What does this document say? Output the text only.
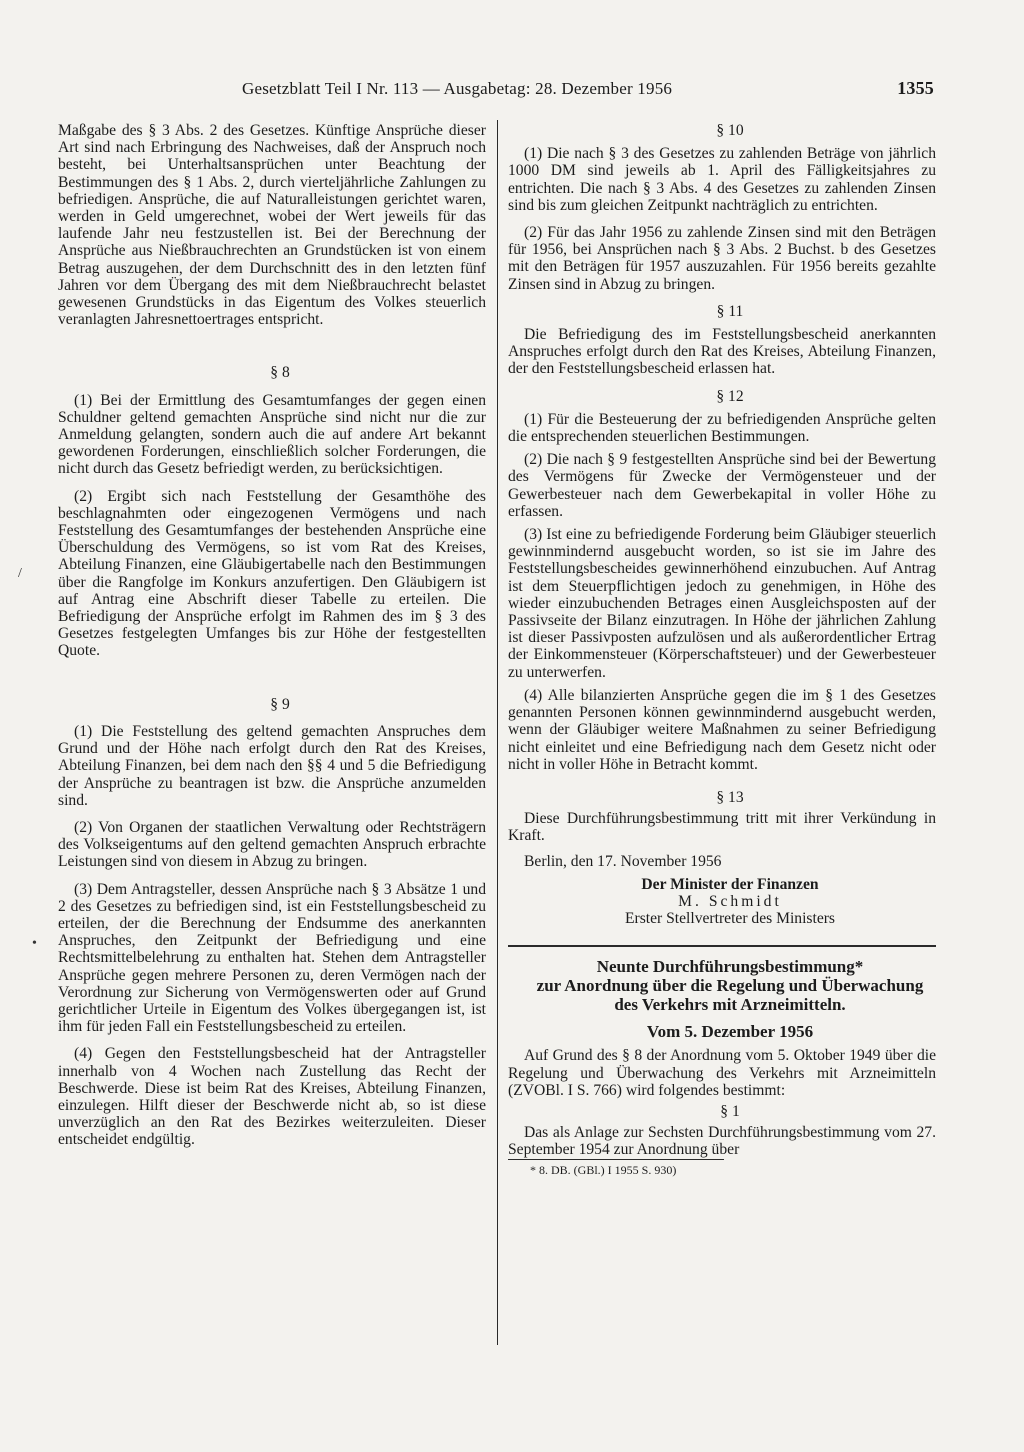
Gesetzblatt Teil I Nr. 113 — Ausgabetag: 28. Dezember 1956	1355
/
•

Maßgabe des § 3 Abs. 2 des Gesetzes. Künftige Ansprüche dieser Art sind nach Erbringung des Nachweises, daß der Anspruch noch besteht, bei Unterhaltsansprüchen unter Beachtung der Bestimmungen des § 1 Abs. 2, durch vierteljährliche Zahlungen zu befriedigen. Ansprüche, die auf Naturalleistungen gerichtet waren, werden in Geld umgerechnet, wobei der Wert jeweils für das laufende Jahr neu festzustellen ist. Bei der Berechnung der Ansprüche aus Nießbrauchrechten an Grundstücken ist von einem Betrag auszugehen, der dem Durchschnitt des in den letzten fünf Jahren vor dem Übergang des mit dem Nießbrauchrecht belastet gewesenen Grundstücks in das Eigentum des Volkes steuerlich veranlagten Jahresnettoertrages entspricht.

§ 8

(1) Bei der Ermittlung des Gesamtumfanges der gegen einen Schuldner geltend gemachten Ansprüche sind nicht nur die zur Anmeldung gelangten, sondern auch die auf andere Art bekannt gewordenen Forderungen, einschließlich solcher Forderungen, die nicht durch das Gesetz befriedigt werden, zu berücksichtigen.

(2) Ergibt sich nach Feststellung der Gesamthöhe des beschlagnahmten oder eingezogenen Vermögens und nach Feststellung des Gesamtumfanges der bestehenden Ansprüche eine Überschuldung des Vermögens, so ist vom Rat des Kreises, Abteilung Finanzen, eine Gläubigertabelle nach den Bestimmungen über die Rangfolge im Konkurs anzufertigen. Den Gläubigern ist auf Antrag eine Abschrift dieser Tabelle zu erteilen. Die Befriedigung der Ansprüche erfolgt im Rahmen des im § 3 des Gesetzes festgelegten Umfanges bis zur Höhe der festgestellten Quote.

§ 9

(1) Die Feststellung des geltend gemachten Anspruches dem Grund und der Höhe nach erfolgt durch den Rat des Kreises, Abteilung Finanzen, bei dem nach den §§ 4 und 5 die Befriedigung der Ansprüche zu beantragen ist bzw. die Ansprüche anzumelden sind.

(2) Von Organen der staatlichen Verwaltung oder Rechtsträgern des Volkseigentums auf den geltend gemachten Anspruch erbrachte Leistungen sind von diesem in Abzug zu bringen.

(3) Dem Antragsteller, dessen Ansprüche nach § 3 Absätze 1 und 2 des Gesetzes zu befriedigen sind, ist ein Feststellungsbescheid zu erteilen, der die Berechnung der Endsumme des anerkannten Anspruches, den Zeitpunkt der Befriedigung und eine Rechtsmittelbelehrung zu enthalten hat. Stehen dem Antragsteller Ansprüche gegen mehrere Personen zu, deren Vermögen nach der Verordnung zur Sicherung von Vermögenswerten oder auf Grund gerichtlicher Urteile in Eigentum des Volkes übergegangen ist, ist ihm für jeden Fall ein Feststellungsbescheid zu erteilen.

(4) Gegen den Feststellungsbescheid hat der Antragsteller innerhalb von 4 Wochen nach Zustellung das Recht der Beschwerde. Diese ist beim Rat des Kreises, Abteilung Finanzen, einzulegen. Hilft dieser der Beschwerde nicht ab, so ist diese unverzüglich an den Rat des Bezirkes weiterzuleiten. Dieser entscheidet endgültig.

§ 10

(1) Die nach § 3 des Gesetzes zu zahlenden Beträge von jährlich 1000 DM sind jeweils ab 1. April des Fälligkeitsjahres zu entrichten. Die nach § 3 Abs. 4 des Gesetzes zu zahlenden Zinsen sind bis zum gleichen Zeitpunkt nachträglich zu entrichten.

(2) Für das Jahr 1956 zu zahlende Zinsen sind mit den Beträgen für 1956, bei Ansprüchen nach § 3 Abs. 2 Buchst. b des Gesetzes mit den Beträgen für 1957 auszuzahlen. Für 1956 bereits gezahlte Zinsen sind in Abzug zu bringen.

§ 11

Die Befriedigung des im Feststellungsbescheid anerkannten Anspruches erfolgt durch den Rat des Kreises, Abteilung Finanzen, der den Feststellungsbescheid erlassen hat.

§ 12

(1) Für die Besteuerung der zu befriedigenden Ansprüche gelten die entsprechenden steuerlichen Bestimmungen.

(2) Die nach § 9 festgestellten Ansprüche sind bei der Bewertung des Vermögens für Zwecke der Vermögensteuer und der Gewerbesteuer nach dem Gewerbekapital in voller Höhe zu erfassen.

(3) Ist eine zu befriedigende Forderung beim Gläubiger steuerlich gewinnmindernd ausgebucht worden, so ist sie im Jahre des Feststellungsbescheides gewinnerhöhend einzubuchen. Auf Antrag ist dem Steuerpflichtigen jedoch zu genehmigen, in Höhe des wieder einzubuchenden Betrages einen Ausgleichsposten auf der Passivseite der Bilanz einzutragen. In Höhe der jährlichen Zahlung ist dieser Passivposten aufzulösen und als außerordentlicher Ertrag der Einkommensteuer (Körperschaftsteuer) und der Gewerbesteuer zu unterwerfen.

(4) Alle bilanzierten Ansprüche gegen die im § 1 des Gesetzes genannten Personen können gewinnmindernd ausgebucht werden, wenn der Gläubiger weitere Maßnahmen zu seiner Befriedigung nicht einleitet und eine Befriedigung nach dem Gesetz nicht oder nicht in voller Höhe in Betracht kommt.

§ 13

Diese Durchführungsbestimmung tritt mit ihrer Verkündung in Kraft.

Berlin, den 17. November 1956

Der Minister der Finanzen

M. Schmidt

Erster Stellvertreter des Ministers

Neunte Durchführungsbestimmung*

zur Anordnung über die Regelung und Überwachung

des Verkehrs mit Arzneimitteln.

Vom 5. Dezember 1956

Auf Grund des § 8 der Anordnung vom 5. Oktober 1949 über die Regelung und Überwachung des Verkehrs mit Arzneimitteln (ZVOBl. I S. 766) wird folgendes bestimmt:

§ 1

Das als Anlage zur Sechsten Durchführungsbestimmung vom 27. September 1954 zur Anordnung über

* 8. DB. (GBl.) I 1955 S. 930)
